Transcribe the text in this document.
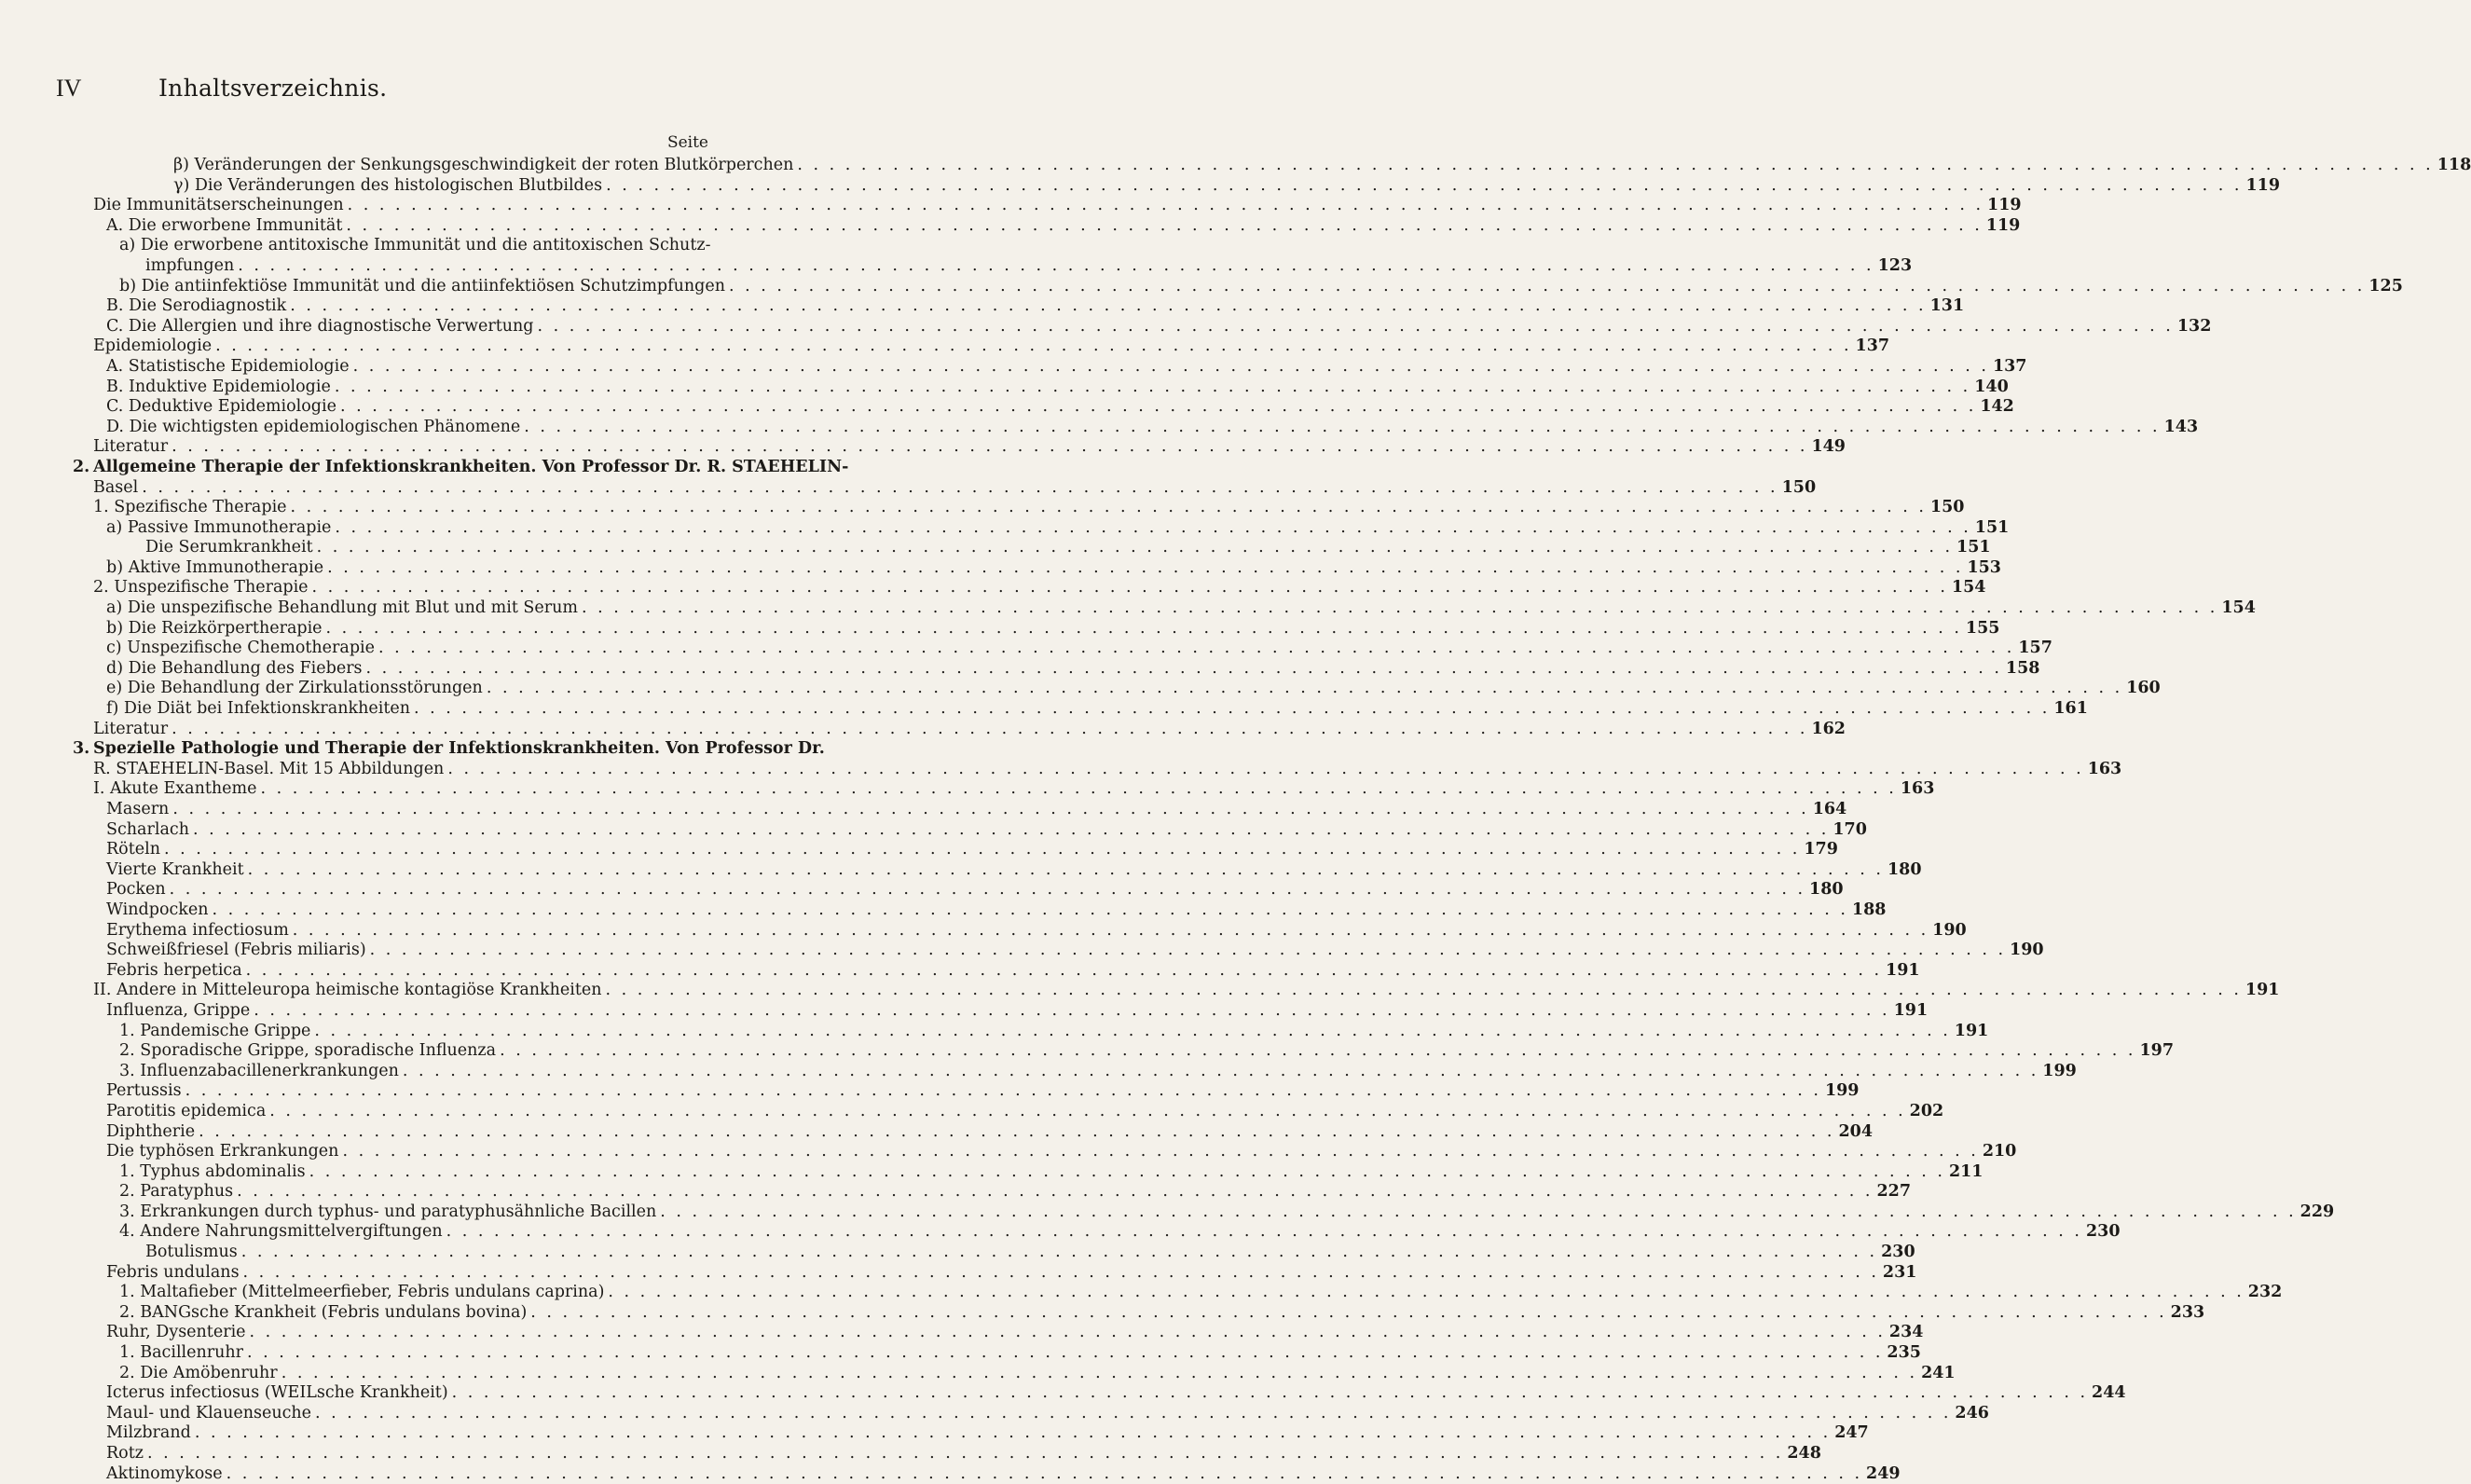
IV	Inhaltsverzeichnis.
Seite
β) Veränderungen der Senkungsgeschwindigkeit der roten Blutkörperchen . . .	118
γ) Die Veränderungen des histologischen Blutbildes . . .	119
Die Immunitätserscheinungen . . .	119
A. Die erworbene Immunität . . .	119
a) Die erworbene antitoxische Immunität und die antitoxischen Schutz-
impfungen . . .	123
b) Die antiinfektiöse Immunität und die antiinfektiösen Schutzimpfungen . . .	125
B. Die Serodiagnostik . . .	131
C. Die Allergien und ihre diagnostische Verwertung . . .	132
Epidemiologie . . .	137
A. Statistische Epidemiologie . . .	137
B. Induktive Epidemiologie . . .	140
C. Deduktive Epidemiologie . . .	142
D. Die wichtigsten epidemiologischen Phänomene . . .	143
Literatur . . .	149
2. Allgemeine Therapie der Infektionskrankheiten. Von Professor Dr. R. STAEHELIN-
Basel . . .	150
1. Spezifische Therapie . . .	150
a) Passive Immunotherapie . . .	151
Die Serumkrankheit . . .	151
b) Aktive Immunotherapie . . .	153
2. Unspezifische Therapie . . .	154
a) Die unspezifische Behandlung mit Blut und mit Serum . . .	154
b) Die Reizkörpertherapie . . .	155
c) Unspezifische Chemotherapie . . .	157
d) Die Behandlung des Fiebers . . .	158
e) Die Behandlung der Zirkulationsstörungen . . .	160
f) Die Diät bei Infektionskrankheiten . . .	161
Literatur . . .	162
3. Spezielle Pathologie und Therapie der Infektionskrankheiten. Von Professor Dr.
R. STAEHELIN-Basel. Mit 15 Abbildungen . . .	163
I. Akute Exantheme . . .	163
Masern . . .	164
Scharlach . . .	170
Röteln . . .	179
Vierte Krankheit . . .	180
Pocken . . .	180
Windpocken . . .	188
Erythema infectiosum . . .	190
Schweißfriesel (Febris miliaris) . . .	190
Febris herpetica . . .	191
II. Andere in Mitteleuropa heimische kontagiöse Krankheiten . . .	191
Influenza, Grippe . . .	191
1. Pandemische Grippe . . .	191
2. Sporadische Grippe, sporadische Influenza . . .	197
3. Influenzabacillenerkrankungen . . .	199
Pertussis . . .	199
Parotitis epidemica . . .	202
Diphtherie . . .	204
Die typhösen Erkrankungen . . .	210
1. Typhus abdominalis . . .	211
2. Paratyphus . . .	227
3. Erkrankungen durch typhus- und paratyphusähnliche Bacillen . . .	229
4. Andere Nahrungsmittelvergiftungen . . .	230
Botulismus . . .	230
Febris undulans . . .	231
1. Maltafieber (Mittelmeerfieber, Febris undulans caprina) . . .	232
2. BANGsche Krankheit (Febris undulans bovina) . . .	233
Ruhr, Dysenterie . . .	234
1. Bacillenruhr . . .	235
2. Die Amöbenruhr . . .	241
Icterus infectiosus (WEILsche Krankheit) . . .	244
Maul- und Klauenseuche . . .	246
Milzbrand . . .	247
Rotz . . .	248
Aktinomykose . . .	249
